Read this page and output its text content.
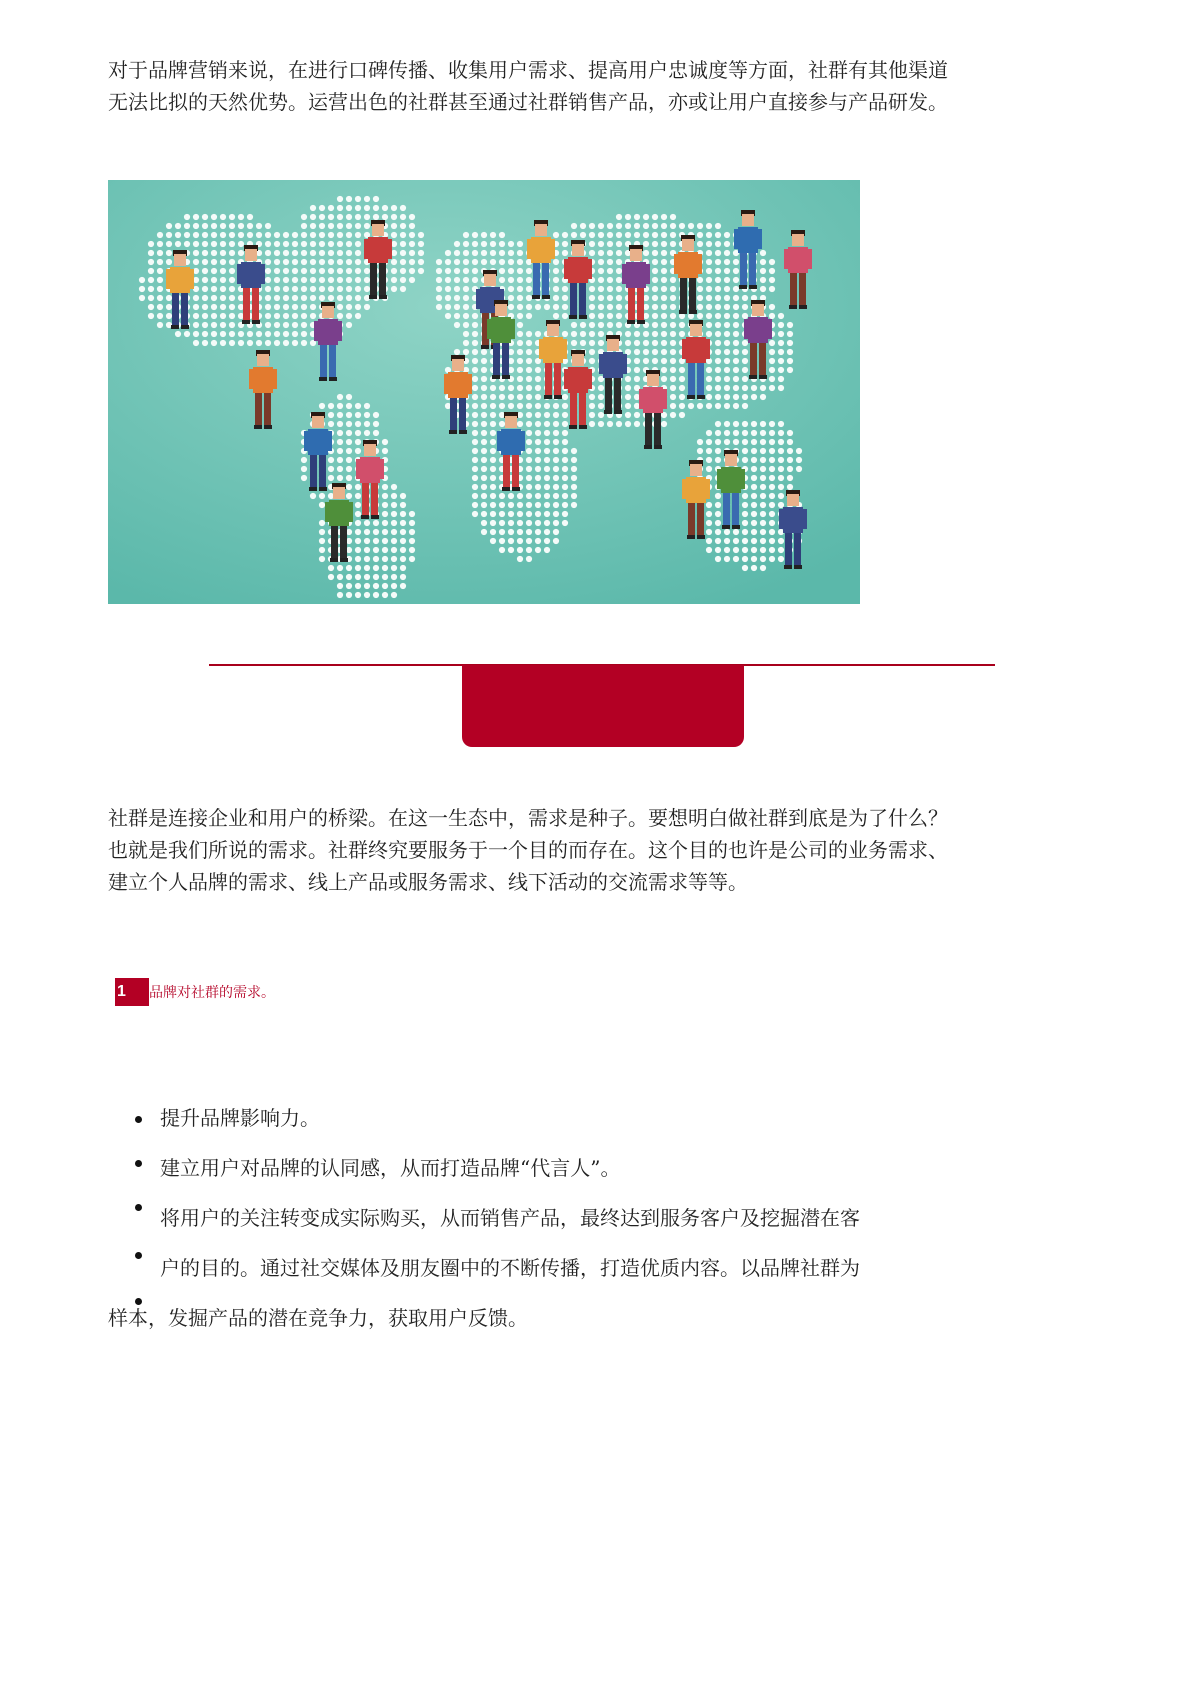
对于品牌营销来说，在进行口碑传播、收集用户需求、提高用户忠诚度等方面，社群有其他渠道
无法比拟的天然优势。运营出色的社群甚至通过社群销售产品，亦或让用户直接参与产品研发。

社群是连接企业和用户的桥梁。在这一生态中，需求是种子。要想明白做社群到底是为了什么？
也就是我们所说的需求。社群终究要服务于一个目的而存在。这个目的也许是公司的业务需求、
建立个人品牌的需求、线上产品或服务需求、线下活动的交流需求等等。

1	品牌对社群的需求。
提升品牌影响力。
建立用户对品牌的认同感，从而打造品牌“代言人”。
将用户的关注转变成实际购买，从而销售产品，最终达到服务客户及挖掘潜在客
户的目的。通过社交媒体及朋友圈中的不断传播，打造优质内容。以品牌社群为
样本，发掘产品的潜在竞争力，获取用户反馈。
